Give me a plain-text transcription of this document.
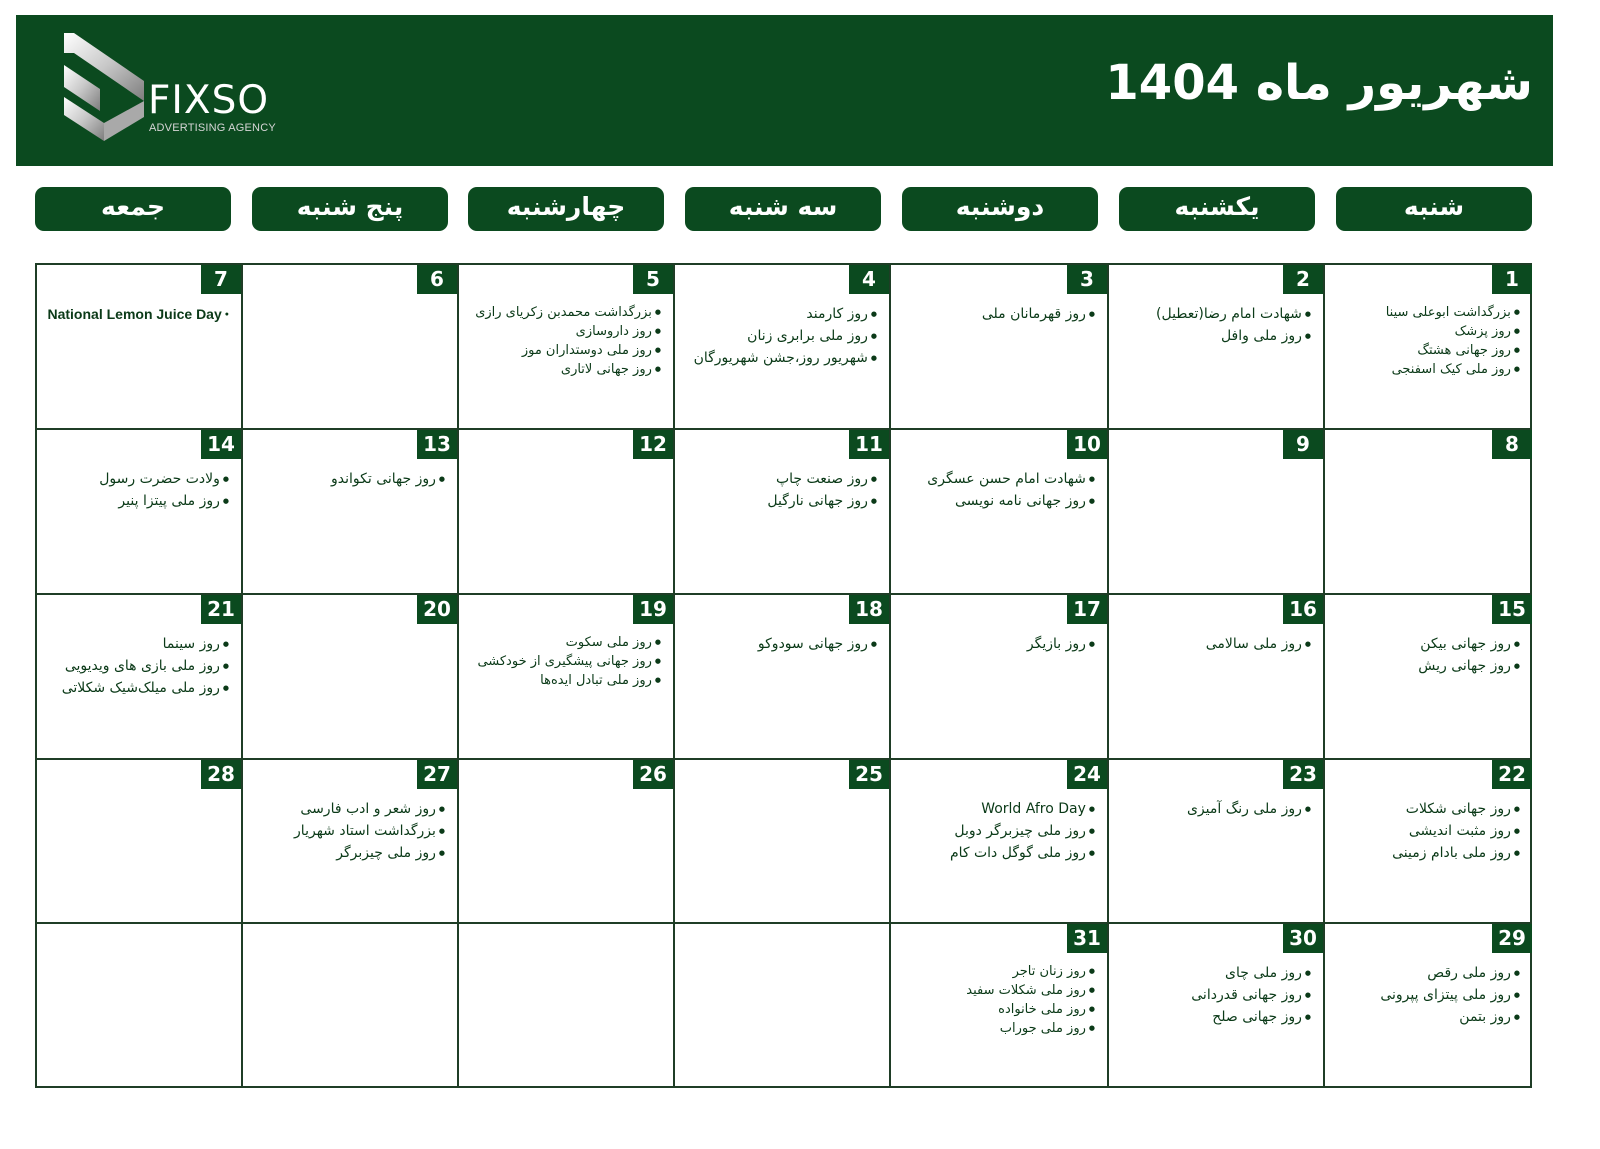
FIXSO
ADVERTISING AGENCY
شهریور ماه 1404
شنبه
یکشنبه
دوشنبه
سه شنبه
چهارشنبه
پنج شنبه
جمعه
1
● بزرگداشت ابوعلی سینا
● روز پزشک
● روز جهانی هشتگ
● روز ملی کیک اسفنجی
2
● شهادت امام رضا(تعطیل)
● روز ملی وافل
3
● روز قهرمانان ملی
4
● روز کارمند
● روز ملی برابری زنان
● شهریور روز،جشن شهریورگان
5
● بزرگداشت محمدبن زکریای رازی
● روز داروسازی
● روز ملی دوستداران موز
● روز جهانی لاتاری
6
7
● National Lemon Juice Day
8
9
10
● شهادت امام حسن عسگری
● روز جهانی نامه نویسی
11
● روز صنعت چاپ
● روز جهانی نارگیل
12
13
● روز جهانی تکواندو
14
● ولادت حضرت رسول
● روز ملی پیتزا پنیر
15
● روز جهانی بیکن
● روز جهانی ریش
16
● روز ملی سالامی
17
● روز بازیگر
18
● روز جهانی سودوکو
19
● روز ملی سکوت
● روز جهانی پیشگیری از خودکشی
● روز ملی تبادل ایده‌ها
20
21
● روز سینما
● روز ملی بازی های ویدیویی
● روز ملی میلک‌شیک شکلاتی
22
● روز جهانی شکلات
● روز مثبت اندیشی
● روز ملی بادام زمینی
23
● روز ملی رنگ آمیزی
24
● World Afro Day
● روز ملی چیزبرگر دوبل
● روز ملی گوگل دات کام
25
26
27
● روز شعر و ادب فارسی
● بزرگداشت استاد شهریار
● روز ملی چیزبرگر
28
29
● روز ملی رقص
● روز ملی پیتزای پپرونی
● روز بتمن
30
● روز ملی چای
● روز جهانی قدردانی
● روز جهانی صلح
31
● روز زنان تاجر
● روز ملی شکلات سفید
● روز ملی خانواده
● روز ملی جوراب
